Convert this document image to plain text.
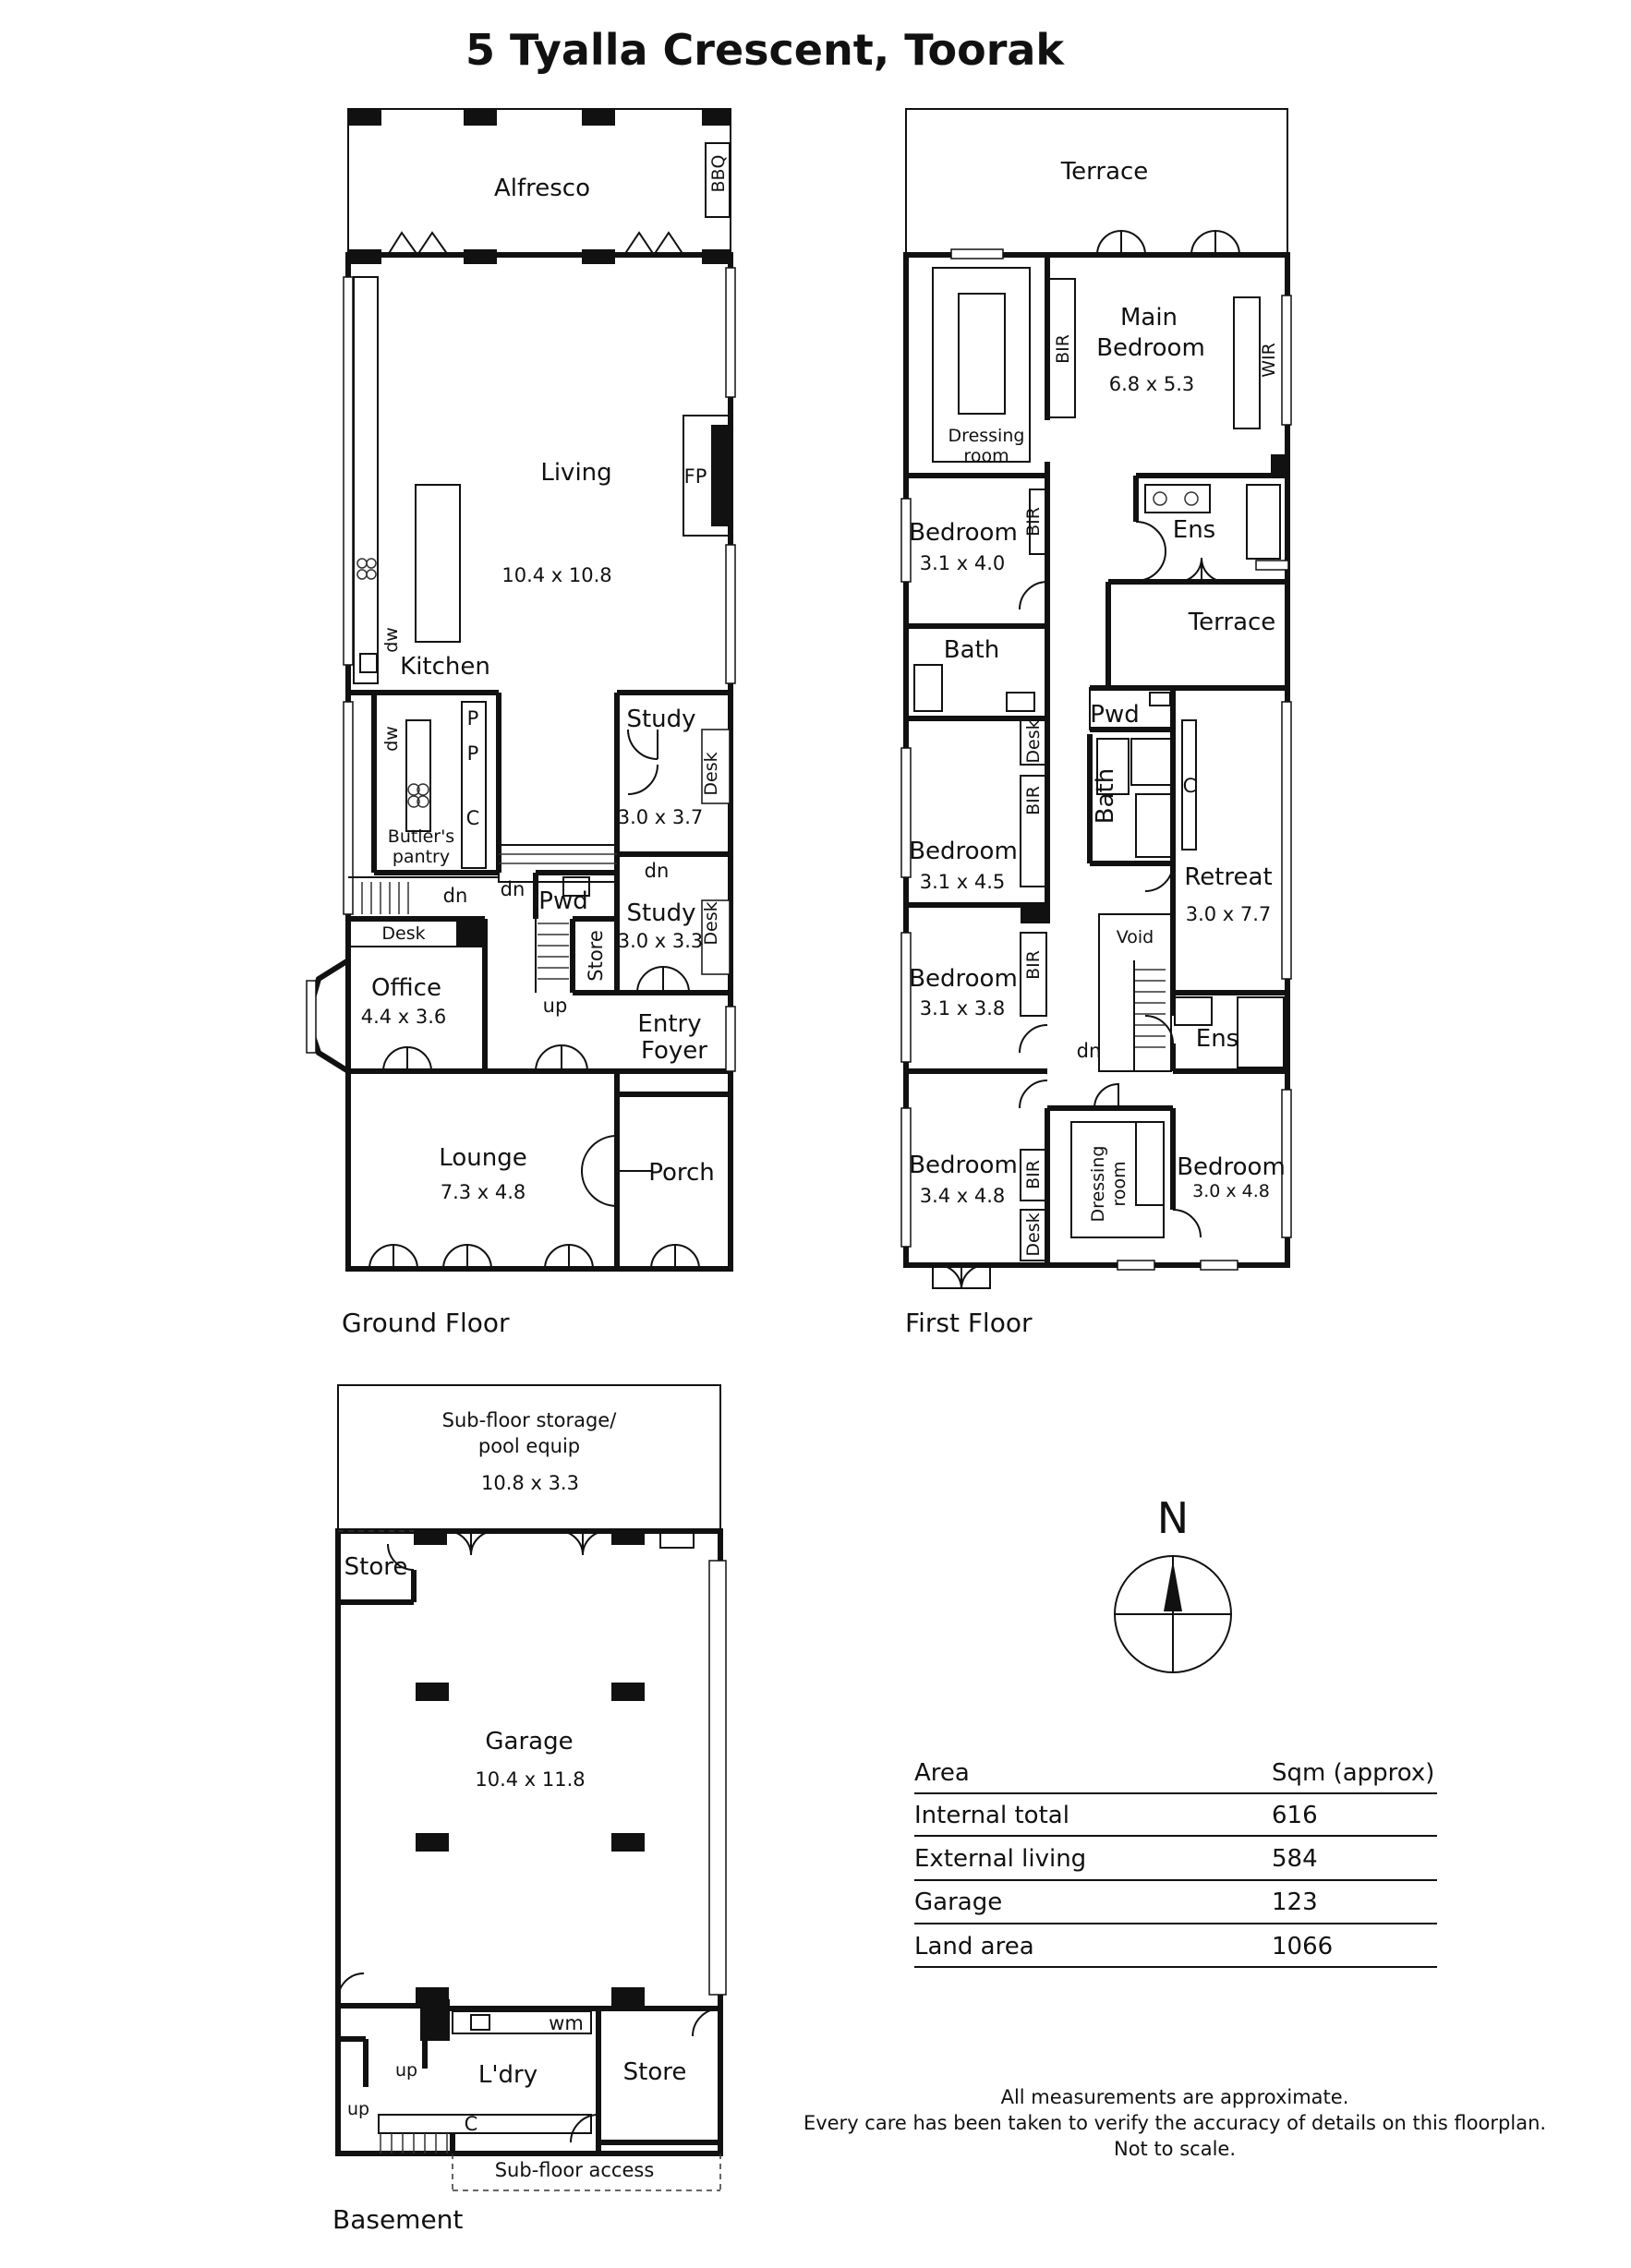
5 Tyalla Crescent, Toorak
Alfresco	BBQ
Living
10.4 x 10.8
FP
Kitchen
dw
dw
P
P
C
Butler's
pantry
Study
3.0 x 3.7
Desk
Study
3.0 x 3.3
Desk
dn
dn
dn	Pwd
Store
up
Desk
Office
4.4 x 3.6	Entry
Foyer
Lounge
7.3 x 4.8
Porch
Ground Floor
Terrace
Main
Bedroom
6.8 x 5.3
BIR	WIR
Dressing
room
Bedroom
3.1 x 4.0
BIR	Ens
Terrace
Bath
Pwd
Desk
BIR Bath	C
Bedroom
3.1 x 4.5	Retreat
3.0 x 7.7
Void
Bedroom
3.1 x 3.8
BIR
Ens
dn
Bedroom
3.4 x 4.8
BIR
Desk
Dressing room Bedroom
3.0 x 4.8
First Floor
Sub-floor storage/
pool equip
10.8 x 3.3
Store
Garage
10.4 x 11.8
wm
L'dry	Store
up
up
C
Sub-floor access
Basement
N
Area	Sqm (approx)
Internal total	616
External living	584
Garage	123
Land area	1066
All measurements are approximate.
Every care has been taken to verify the accuracy of details on this floorplan.
Not to scale.
